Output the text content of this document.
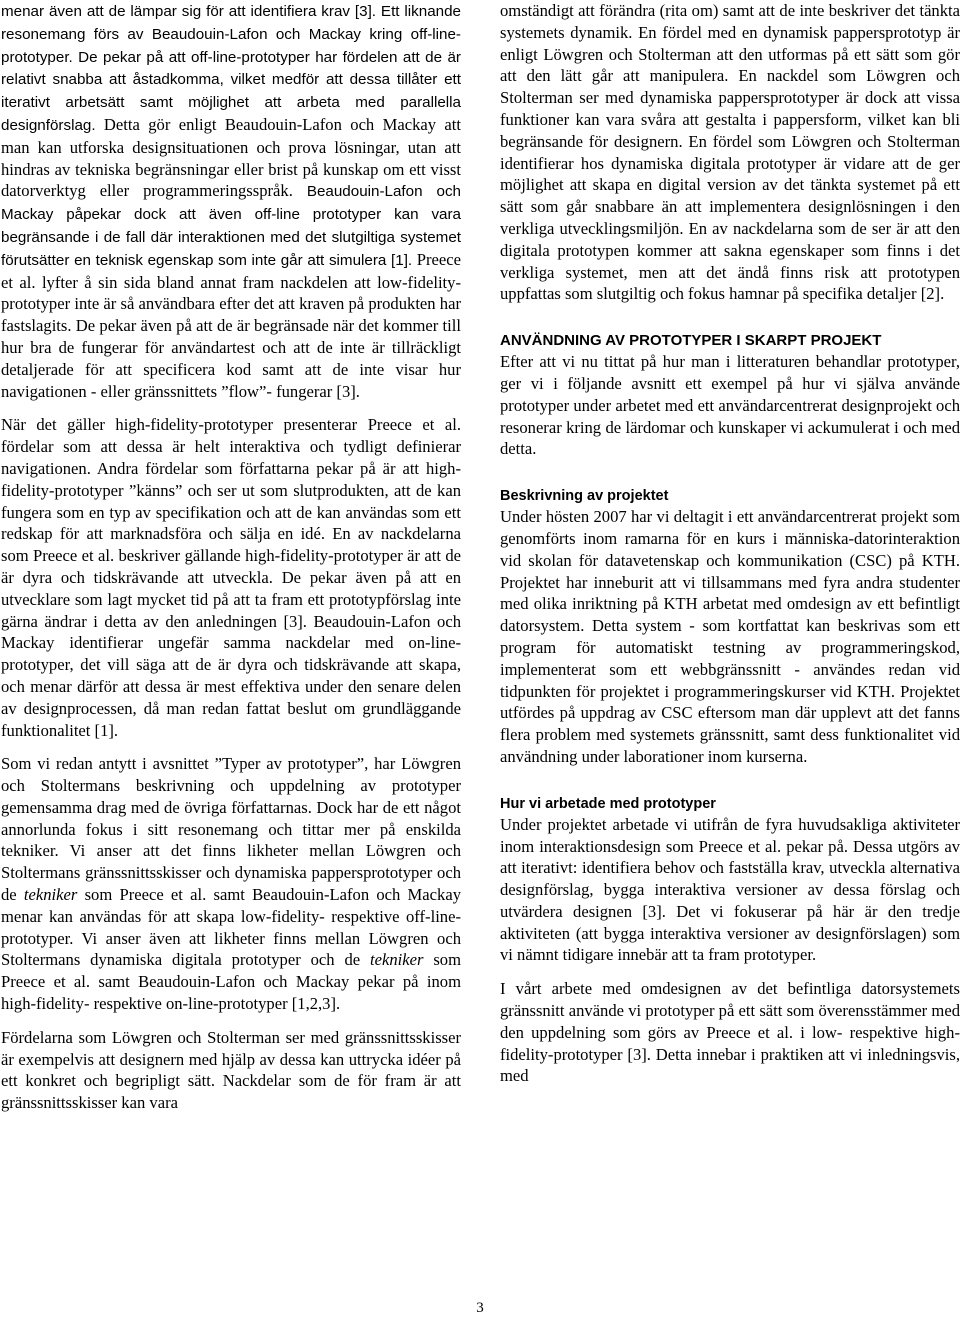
menar även att de lämpar sig för att identifiera krav [3]. Ett liknande resonemang förs av Beaudouin-Lafon och Mackay kring off-line-prototyper. De pekar på att off-line-prototyper har fördelen att de är relativt snabba att åstadkomma, vilket medför att dessa tillåter ett iterativt arbetsätt samt möjlighet att arbeta med parallella designförslag. Detta gör enligt Beaudouin-Lafon och Mackay att man kan utforska designsituationen och prova lösningar, utan att hindras av tekniska begränsningar eller brist på kunskap om ett visst datorverktyg eller programmeringsspråk. Beaudouin-Lafon och Mackay påpekar dock att även off-line prototyper kan vara begränsande i de fall där interaktionen med det slutgiltiga systemet förutsätter en teknisk egenskap som inte går att simulera [1]. Preece et al. lyfter å sin sida bland annat fram nackdelen att low-fidelity-prototyper inte är så användbara efter det att kraven på produkten har fastslagits. De pekar även på att de är begränsade när det kommer till hur bra de fungerar för användartest och att de inte är tillräckligt detaljerade för att specificera kod samt att de inte visar hur navigationen - eller gränssnittets ”flow”- fungerar [3].

När det gäller high-fidelity-prototyper presenterar Preece et al. fördelar som att dessa är helt interaktiva och tydligt definierar navigationen. Andra fördelar som författarna pekar på är att high-fidelity-prototyper ”känns” och ser ut som slutprodukten, att de kan fungera som en typ av specifikation och att de kan användas som ett redskap för att marknadsföra och sälja en idé. En av nackdelarna som Preece et al. beskriver gällande high-fidelity-prototyper är att de är dyra och tidskrävande att utveckla. De pekar även på att en utvecklare som lagt mycket tid på att ta fram ett prototypförslag inte gärna ändrar i detta av den anledningen [3]. Beaudouin-Lafon och Mackay identifierar ungefär samma nackdelar med on-line-prototyper, det vill säga att de är dyra och tidskrävande att skapa, och menar därför att dessa är mest effektiva under den senare delen av designprocessen, då man redan fattat beslut om grundläggande funktionalitet [1].

Som vi redan antytt i avsnittet ”Typer av prototyper”, har Löwgren och Stoltermans beskrivning och uppdelning av prototyper gemensamma drag med de övriga författarnas. Dock har de ett något annorlunda fokus i sitt resonemang och tittar mer på enskilda tekniker. Vi anser att det finns likheter mellan Löwgren och Stoltermans gränssnittsskisser och dynamiska pappersprototyper och de tekniker som Preece et al. samt Beaudouin-Lafon och Mackay menar kan användas för att skapa low-fidelity- respektive off-line-prototyper. Vi anser även att likheter finns mellan Löwgren och Stoltermans dynamiska digitala prototyper och de tekniker som Preece et al. samt Beaudouin-Lafon och Mackay pekar på inom high-fidelity- respektive on-line-prototyper [1,2,3].

Fördelarna som Löwgren och Stolterman ser med gränssnittsskisser är exempelvis att designern med hjälp av dessa kan uttrycka idéer på ett konkret och begripligt sätt. Nackdelar som de för fram är att gränssnittsskisser kan vara

omständigt att förändra (rita om) samt att de inte beskriver det tänkta systemets dynamik. En fördel med en dynamisk pappersprototyp är enligt Löwgren och Stolterman att den utformas på ett sätt som gör att den lätt går att manipulera. En nackdel som Löwgren och Stolterman ser med dynamiska pappersprototyper är dock att vissa funktioner kan vara svåra att gestalta i pappersform, vilket kan bli begränsande för designern. En fördel som Löwgren och Stolterman identifierar hos dynamiska digitala prototyper är vidare att de ger möjlighet att skapa en digital version av det tänkta systemet på ett sätt som går snabbare än att implementera designlösningen i den verkliga utvecklingsmiljön. En av nackdelarna som de ser är att den digitala prototypen kommer att sakna egenskaper som finns i det verkliga systemet, men att det ändå finns risk att prototypen uppfattas som slutgiltig och fokus hamnar på specifika detaljer [2].

ANVÄNDNING AV PROTOTYPER I SKARPT PROJEKT

Efter att vi nu tittat på hur man i litteraturen behandlar prototyper, ger vi i följande avsnitt ett exempel på hur vi själva använde prototyper under arbetet med ett användarcentrerat designprojekt och resonerar kring de lärdomar och kunskaper vi ackumulerat i och med detta.

Beskrivning av projektet

Under hösten 2007 har vi deltagit i ett användarcentrerat projekt som genomförts inom ramarna för en kurs i människa-datorinteraktion vid skolan för datavetenskap och kommunikation (CSC) på KTH. Projektet har inneburit att vi tillsammans med fyra andra studenter med olika inriktning på KTH arbetat med omdesign av ett befintligt datorsystem. Detta system - som kortfattat kan beskrivas som ett program för automatiskt testning av programmeringskod, implementerat som ett webbgränssnitt - användes redan vid tidpunkten för projektet i programmeringskurser vid KTH. Projektet utfördes på uppdrag av CSC eftersom man där upplevt att det fanns flera problem med systemets gränssnitt, samt dess funktionalitet vid användning under laborationer inom kurserna.

Hur vi arbetade med prototyper

Under projektet arbetade vi utifrån de fyra huvudsakliga aktiviteter inom interaktionsdesign som Preece et al. pekar på. Dessa utgörs av att iterativt: identifiera behov och fastställa krav, utveckla alternativa designförslag, bygga interaktiva versioner av dessa förslag och utvärdera designen [3]. Det vi fokuserar på här är den tredje aktiviteten (att bygga interaktiva versioner av designförslagen) som vi nämnt tidigare innebär att ta fram prototyper.

I vårt arbete med omdesignen av det befintliga datorsystemets gränssnitt använde vi prototyper på ett sätt som överensstämmer med den uppdelning som görs av Preece et al. i low- respektive high-fidelity-prototyper [3]. Detta innebar i praktiken att vi inledningsvis, med

3
